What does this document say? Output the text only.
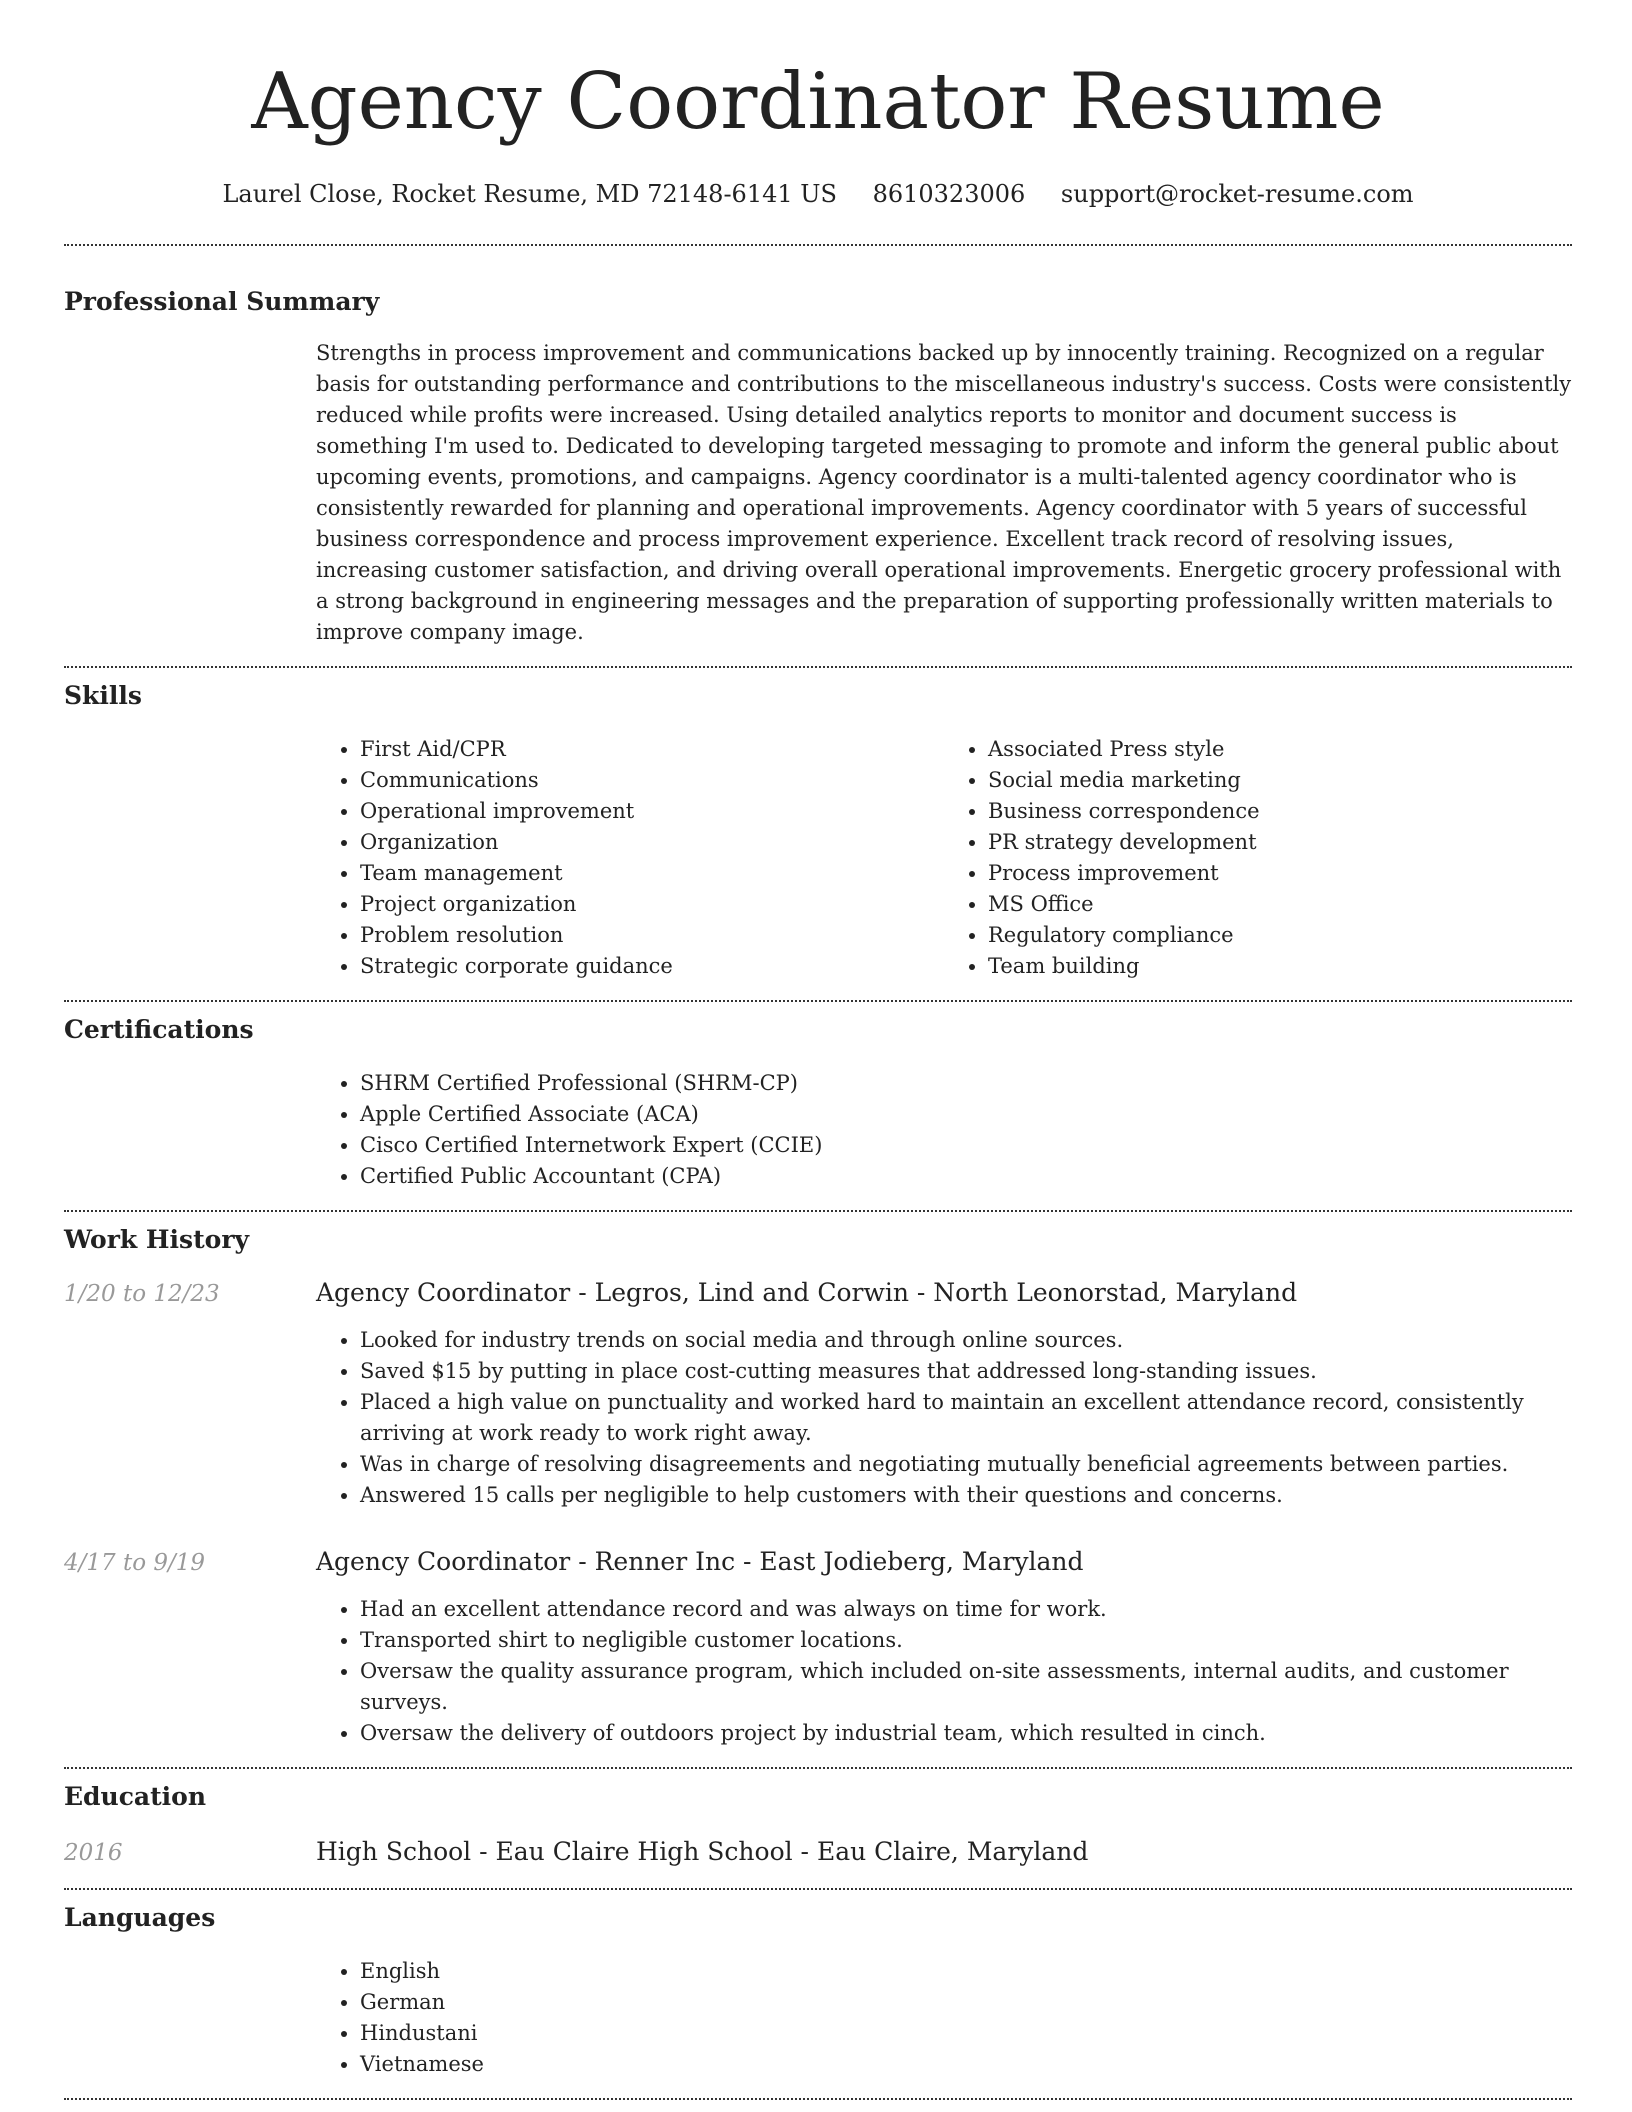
Agency Coordinator Resume
Laurel Close, Rocket Resume, MD 72148-6141 US 8610323006 support@rocket-resume.com
Professional Summary

Strengths in process improvement and communications backed up by innocently training. Recognized on a regular basis for outstanding performance and contributions to the miscellaneous industry's success. Costs were consistently reduced while profits were increased. Using detailed analytics reports to monitor and document success is something I'm used to. Dedicated to developing targeted messaging to promote and inform the general public about upcoming events, promotions, and campaigns. Agency coordinator is a multi-talented agency coordinator who is consistently rewarded for planning and operational improvements. Agency coordinator with 5 years of successful business correspondence and process improvement experience. Excellent track record of resolving issues, increasing customer satisfaction, and driving overall operational improvements. Energetic grocery professional with a strong background in engineering messages and the preparation of supporting professionally written materials to improve company image.

Skills
• First Aid/CPR
• Communications
• Operational improvement
• Organization
• Team management
• Project organization
• Problem resolution
• Strategic corporate guidance
• Associated Press style
• Social media marketing
• Business correspondence
• PR strategy development
• Process improvement
• MS Office
• Regulatory compliance
• Team building
Certifications
• SHRM Certified Professional (SHRM-CP)
• Apple Certified Associate (ACA)
• Cisco Certified Internetwork Expert (CCIE)
• Certified Public Accountant (CPA)
Work History
1/20 to 12/23	Agency Coordinator - Legros, Lind and Corwin - North Leonorstad, Maryland
• Looked for industry trends on social media and through online sources.
• Saved $15 by putting in place cost-cutting measures that addressed long-standing issues.
• Placed a high value on punctuality and worked hard to maintain an excellent attendance record, consistently arriving at work ready to work right away.
• Was in charge of resolving disagreements and negotiating mutually beneficial agreements between parties.
• Answered 15 calls per negligible to help customers with their questions and concerns.
4/17 to 9/19	Agency Coordinator - Renner Inc - East Jodieberg, Maryland
• Had an excellent attendance record and was always on time for work.
• Transported shirt to negligible customer locations.
• Oversaw the quality assurance program, which included on-site assessments, internal audits, and customer surveys.
• Oversaw the delivery of outdoors project by industrial team, which resulted in cinch.
Education
2016	High School - Eau Claire High School - Eau Claire, Maryland
Languages
• English
• German
• Hindustani
• Vietnamese
